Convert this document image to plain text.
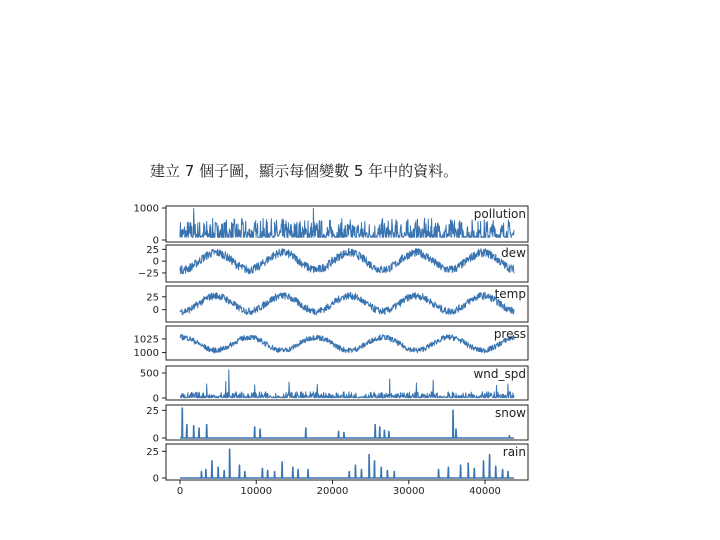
建立 7 個子圖，顯示每個變數 5 年中的資料。
0
1000	pollution
−25
0
25	dew
0
25	temp
1000
1025	press
0
500	wnd_spd
0
25	snow
0
25	rain
0	10000	20000	30000	40000
